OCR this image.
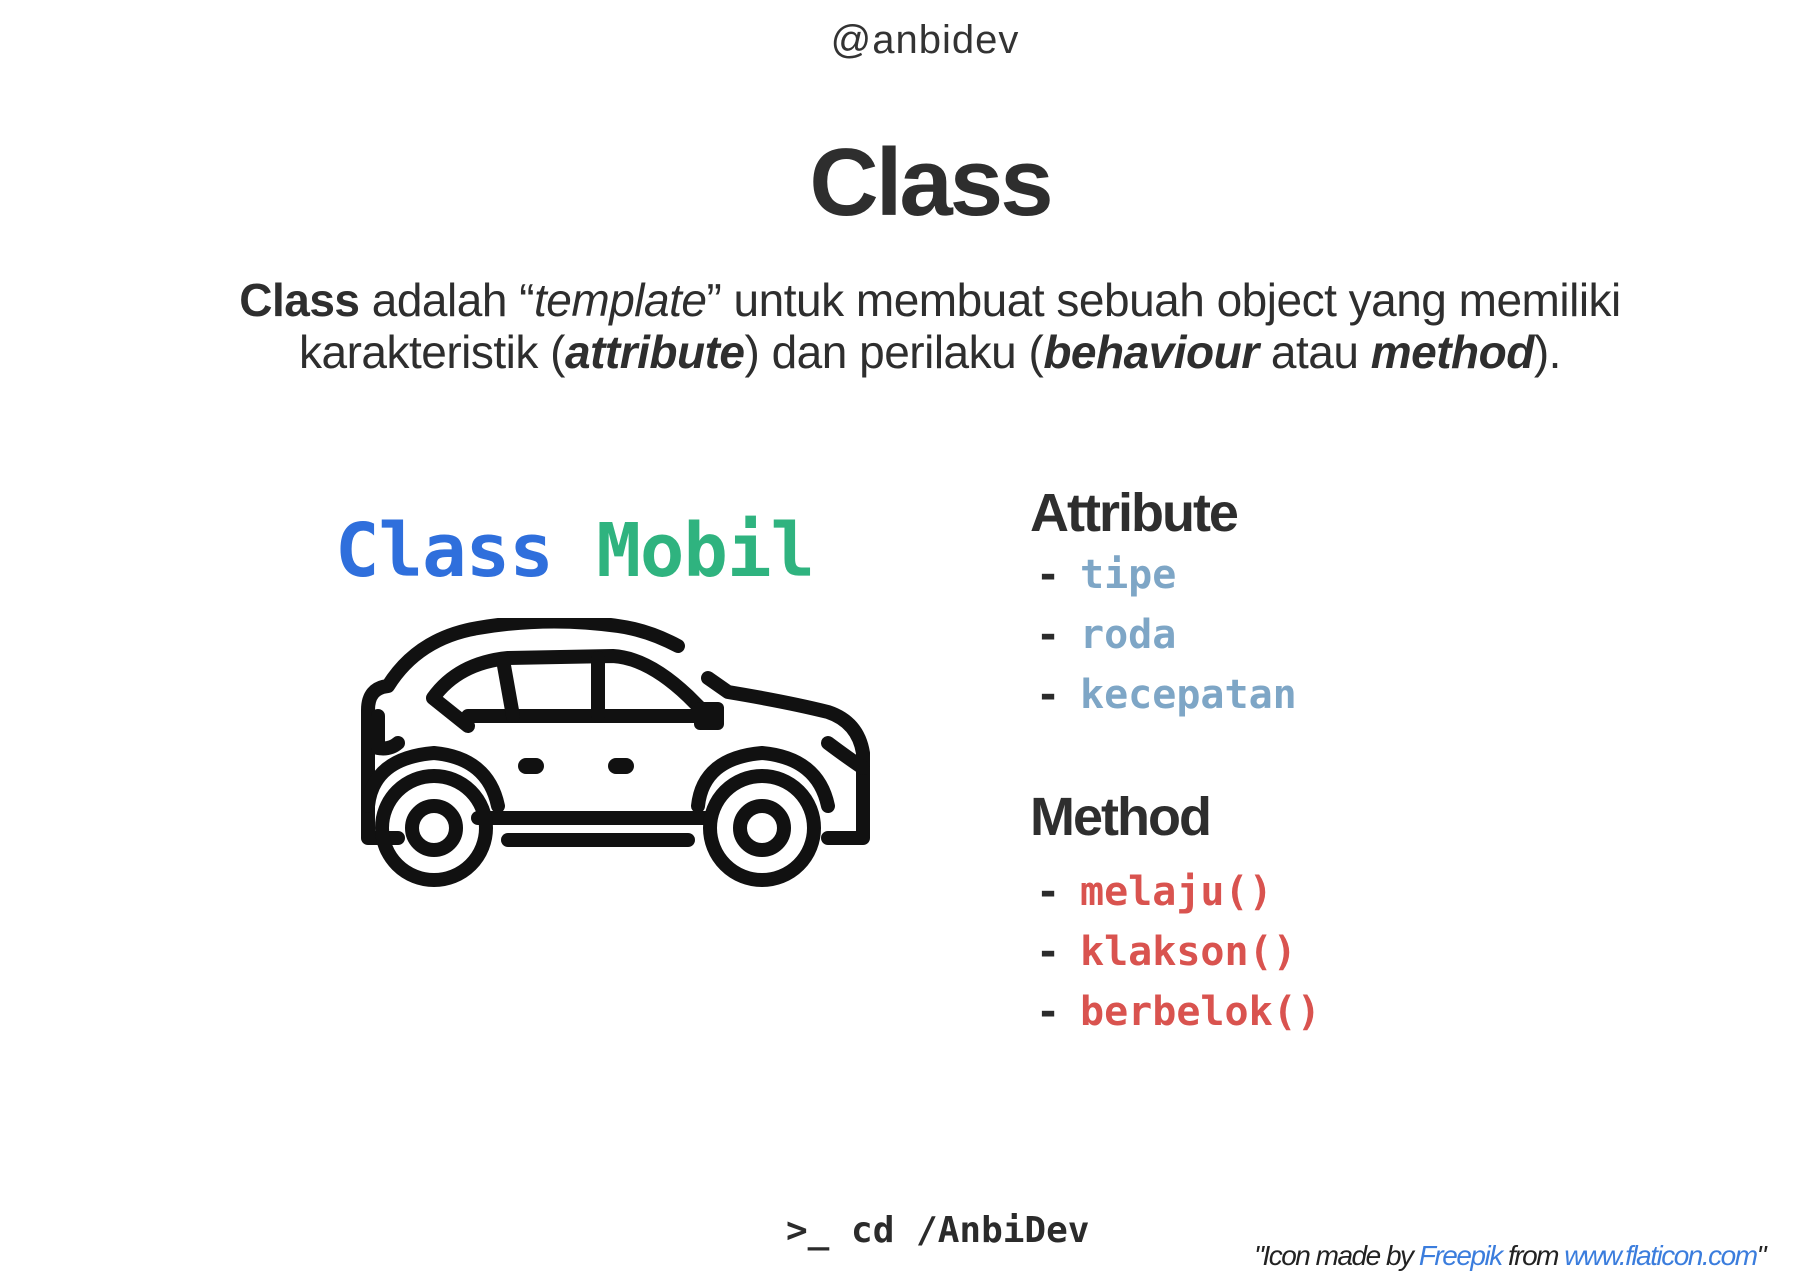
@anbidev
Class
Class adalah “template” untuk membuat sebuah object yang memiliki karakteristik (attribute) dan perilaku (behaviour atau method).
Class Mobil	Attribute
- tipe
- roda
- kecepatan
Method
- melaju()
- klakson()
- berbelok()
>_ cd /AnbiDev
"Icon made by Freepik from www.flaticon.com"
